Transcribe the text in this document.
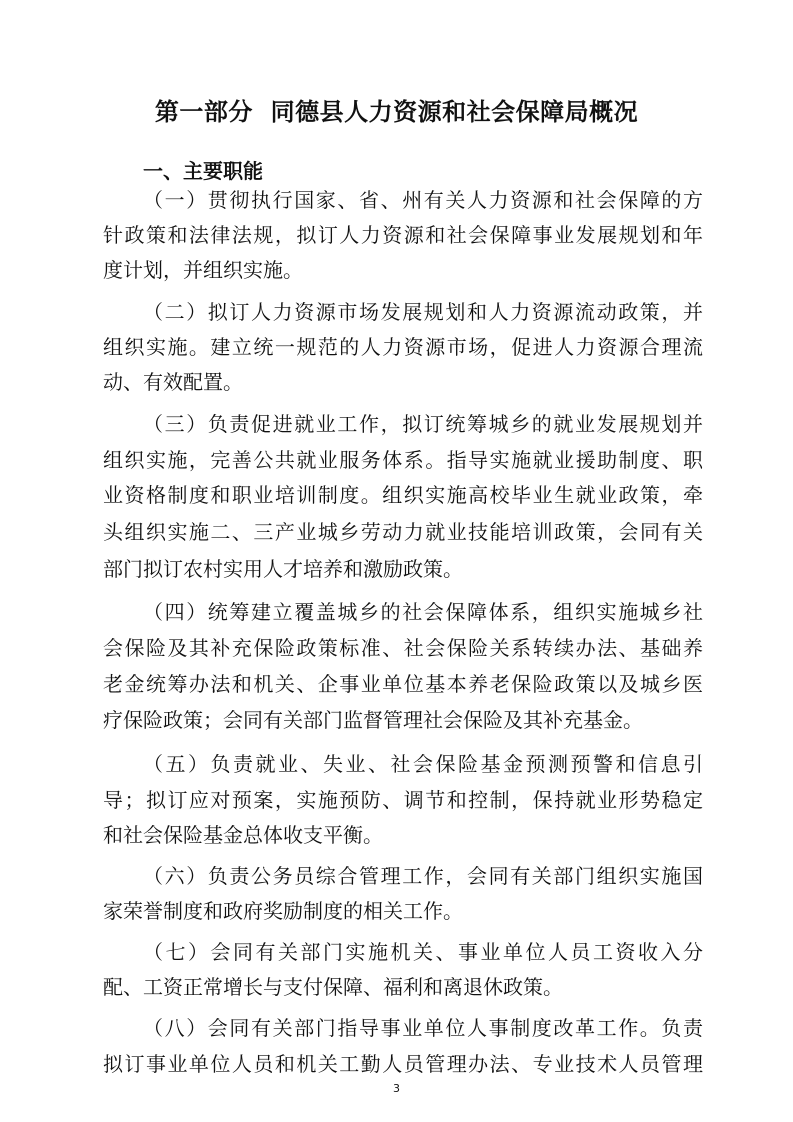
第一部分  同德县人力资源和社会保障局概况
一、主要职能
（一）贯彻执行国家、省、州有关人力资源和社会保障的方
针政策和法律法规，拟订人力资源和社会保障事业发展规划和年
度计划，并组织实施。
（二）拟订人力资源市场发展规划和人力资源流动政策，并
组织实施。建立统一规范的人力资源市场，促进人力资源合理流
动、有效配置。
（三）负责促进就业工作，拟订统筹城乡的就业发展规划并
组织实施，完善公共就业服务体系。指导实施就业援助制度、职
业资格制度和职业培训制度。组织实施高校毕业生就业政策，牵
头组织实施二、三产业城乡劳动力就业技能培训政策，会同有关
部门拟订农村实用人才培养和激励政策。
（四）统筹建立覆盖城乡的社会保障体系，组织实施城乡社
会保险及其补充保险政策标准、社会保险关系转续办法、基础养
老金统筹办法和机关、企事业单位基本养老保险政策以及城乡医
疗保险政策；会同有关部门监督管理社会保险及其补充基金。
（五）负责就业、失业、社会保险基金预测预警和信息引
导；拟订应对预案，实施预防、调节和控制，保持就业形势稳定
和社会保险基金总体收支平衡。
（六）负责公务员综合管理工作，会同有关部门组织实施国
家荣誉制度和政府奖励制度的相关工作。
（七）会同有关部门实施机关、事业单位人员工资收入分
配、工资正常增长与支付保障、福利和离退休政策。
（八）会同有关部门指导事业单位人事制度改革工作。负责
拟订事业单位人员和机关工勤人员管理办法、专业技术人员管理
3
